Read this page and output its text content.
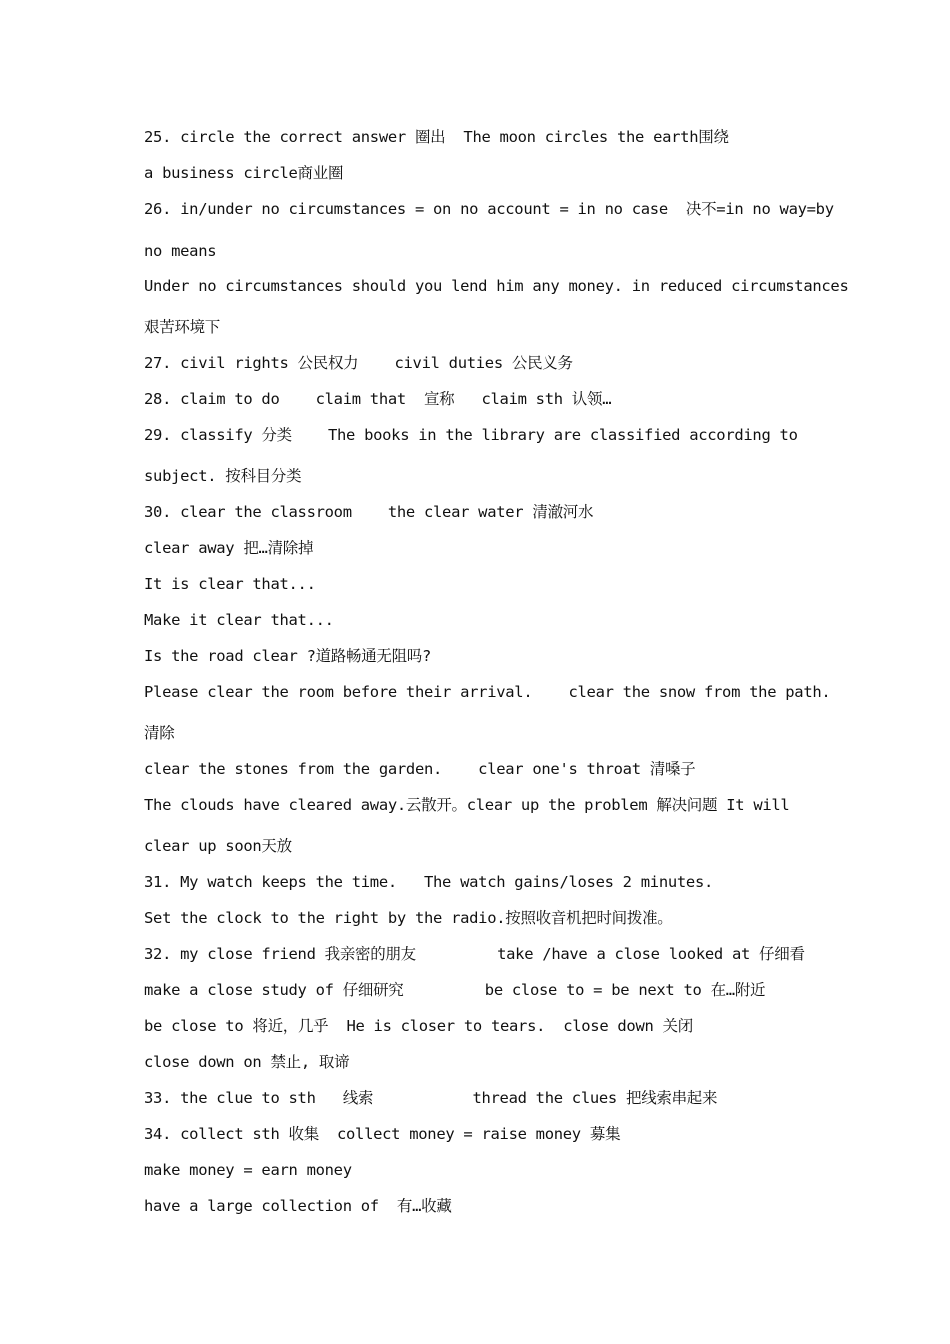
25. circle the correct answer 圈出  The moon circles the earth围绕
a business circle商业圈
26. in/under no circumstances = on no account = in no case  决不=in no way=by
no means
Under no circumstances should you lend him any money. in reduced circumstances
艰苦环境下
27. civil rights 公民权力    civil duties 公民义务
28. claim to do    claim that  宣称   claim sth 认领…
29. classify 分类    The books in the library are classified according to
subject. 按科目分类
30. clear the classroom    the clear water 清澈河水
clear away 把…清除掉
It is clear that...
Make it clear that...
Is the road clear ?道路畅通无阻吗?
Please clear the room before their arrival.    clear the snow from the path.
清除
clear the stones from the garden.    clear one's throat 清嗓子
The clouds have cleared away.云散开。clear up the problem 解决问题 It will
clear up soon天放
31. My watch keeps the time.   The watch gains/loses 2 minutes.
Set the clock to the right by the radio.按照收音机把时间拨准。
32. my close friend 我亲密的朋友         take /have a close looked at 仔细看
make a close study of 仔细研究         be close to = be next to 在…附近
be close to 将近，几乎  He is closer to tears.  close down 关闭
close down on 禁止, 取谛
33. the clue to sth   线索           thread the clues 把线索串起来
34. collect sth 收集  collect money = raise money 募集
make money = earn money
have a large collection of  有…收藏
